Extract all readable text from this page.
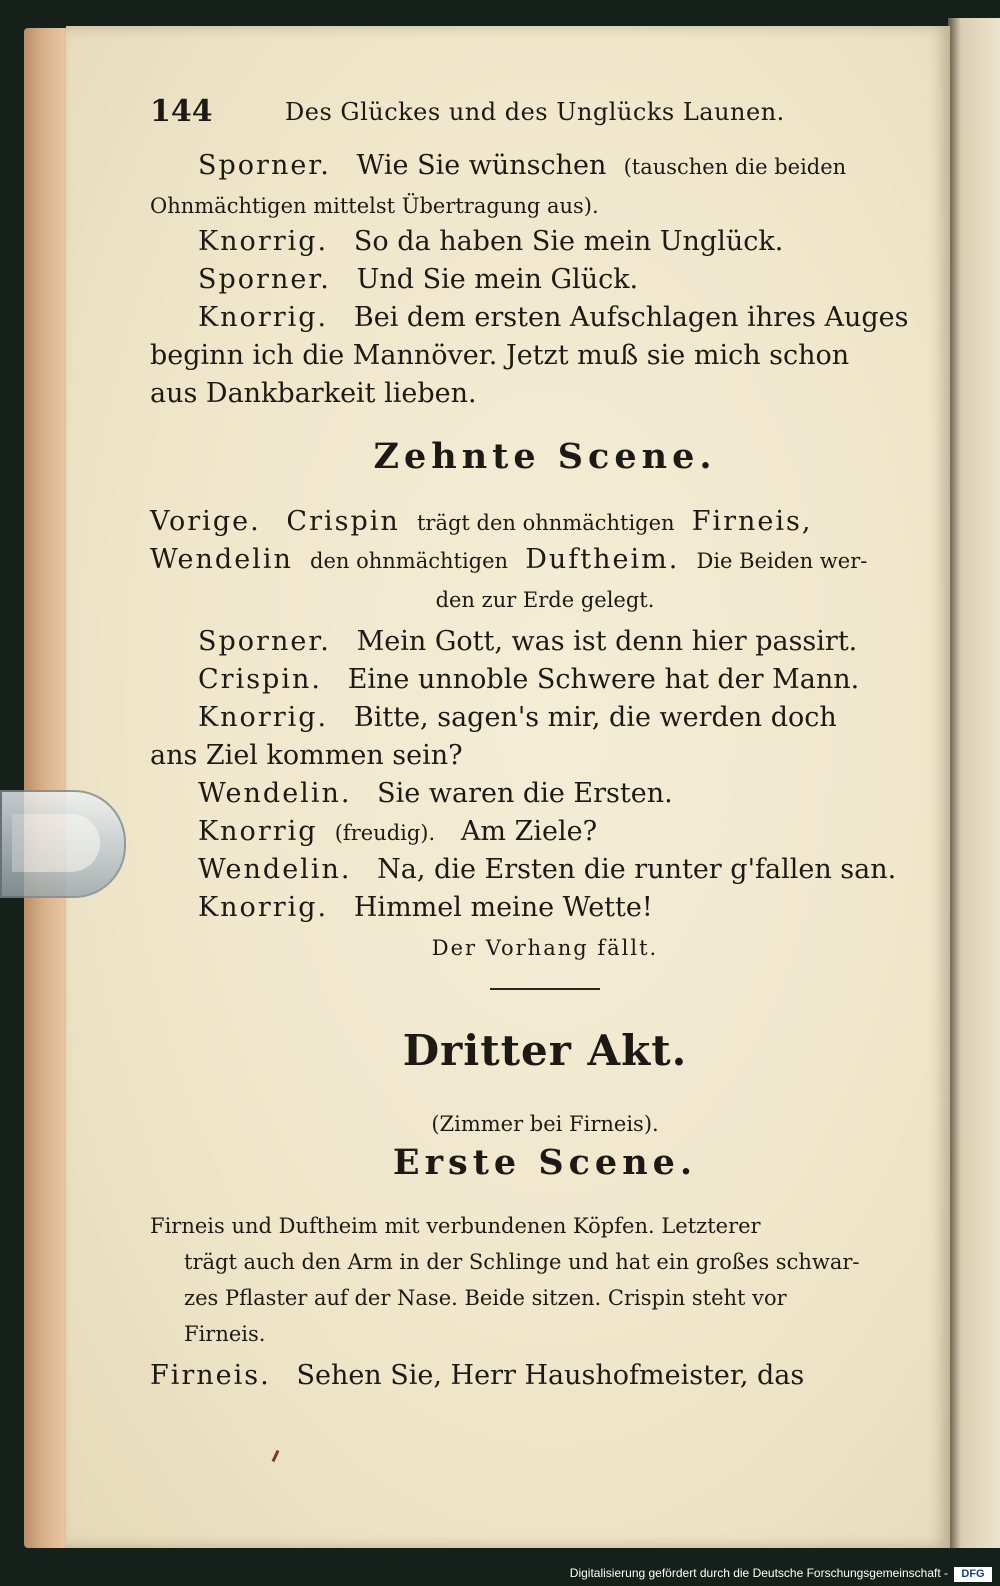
144	Des Glückes und des Unglücks Launen.
Sporner. Wie Sie wünschen (tauschen die beiden
Ohnmächtigen mittelst Übertragung aus).
Knorrig. So da haben Sie mein Unglück.
Sporner. Und Sie mein Glück.
Knorrig. Bei dem ersten Aufschlagen ihres Auges
beginn ich die Mannöver. Jetzt muß sie mich schon
aus Dankbarkeit lieben.
Zehnte Scene.
Vorige. Crispin trägt den ohnmächtigen Firneis,
Wendelin den ohnmächtigen Duftheim. Die Beiden wer-
den zur Erde gelegt.
Sporner. Mein Gott, was ist denn hier passirt.
Crispin. Eine unnoble Schwere hat der Mann.
Knorrig. Bitte, sagen's mir, die werden doch
ans Ziel kommen sein?
Wendelin. Sie waren die Ersten.
Knorrig (freudig). Am Ziele?
Wendelin. Na, die Ersten die runter g'fallen san.
Knorrig. Himmel meine Wette!
Der Vorhang fällt.
Dritter Akt.
(Zimmer bei Firneis).
Erste Scene.
Firneis und Duftheim mit verbundenen Köpfen. Letzterer
trägt auch den Arm in der Schlinge und hat ein großes schwar-
zes Pflaster auf der Nase. Beide sitzen. Crispin steht vor
Firneis.
Firneis. Sehen Sie, Herr Haushofmeister, das
Digitalisierung gefördert durch die Deutsche Forschungsgemeinschaft -	DFG
